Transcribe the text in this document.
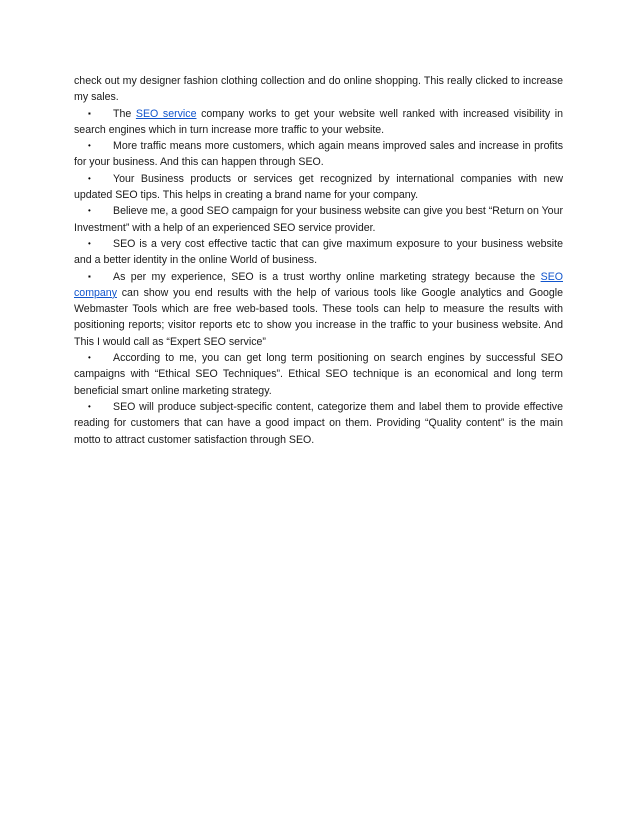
check out my designer fashion clothing collection and do online shopping. This really clicked to increase my sales.

▪ The SEO service company works to get your website well ranked with increased visibility in search engines which in turn increase more traffic to your website.

• More traffic means more customers, which again means improved sales and increase in profits for your business. And this can happen through SEO.

• Your Business products or services get recognized by international companies with new updated SEO tips. This helps in creating a brand name for your company.

• Believe me, a good SEO campaign for your business website can give you best “Return on Your Investment” with a help of an experienced SEO service provider.

• SEO is a very cost effective tactic that can give maximum exposure to your business website and a better identity in the online World of business.

▪ As per my experience, SEO is a trust worthy online marketing strategy because the SEO company can show you end results with the help of various tools like Google analytics and Google Webmaster Tools which are free web-based tools. These tools can help to measure the results with positioning reports; visitor reports etc to show you increase in the traffic to your business website. And This I would call as “Expert SEO service”

• According to me, you can get long term positioning on search engines by successful SEO campaigns with “Ethical SEO Techniques”. Ethical SEO technique is an economical and long term beneficial smart online marketing strategy.

• SEO will produce subject-specific content, categorize them and label them to provide effective reading for customers that can have a good impact on them. Providing “Quality content” is the main motto to attract customer satisfaction through SEO.
